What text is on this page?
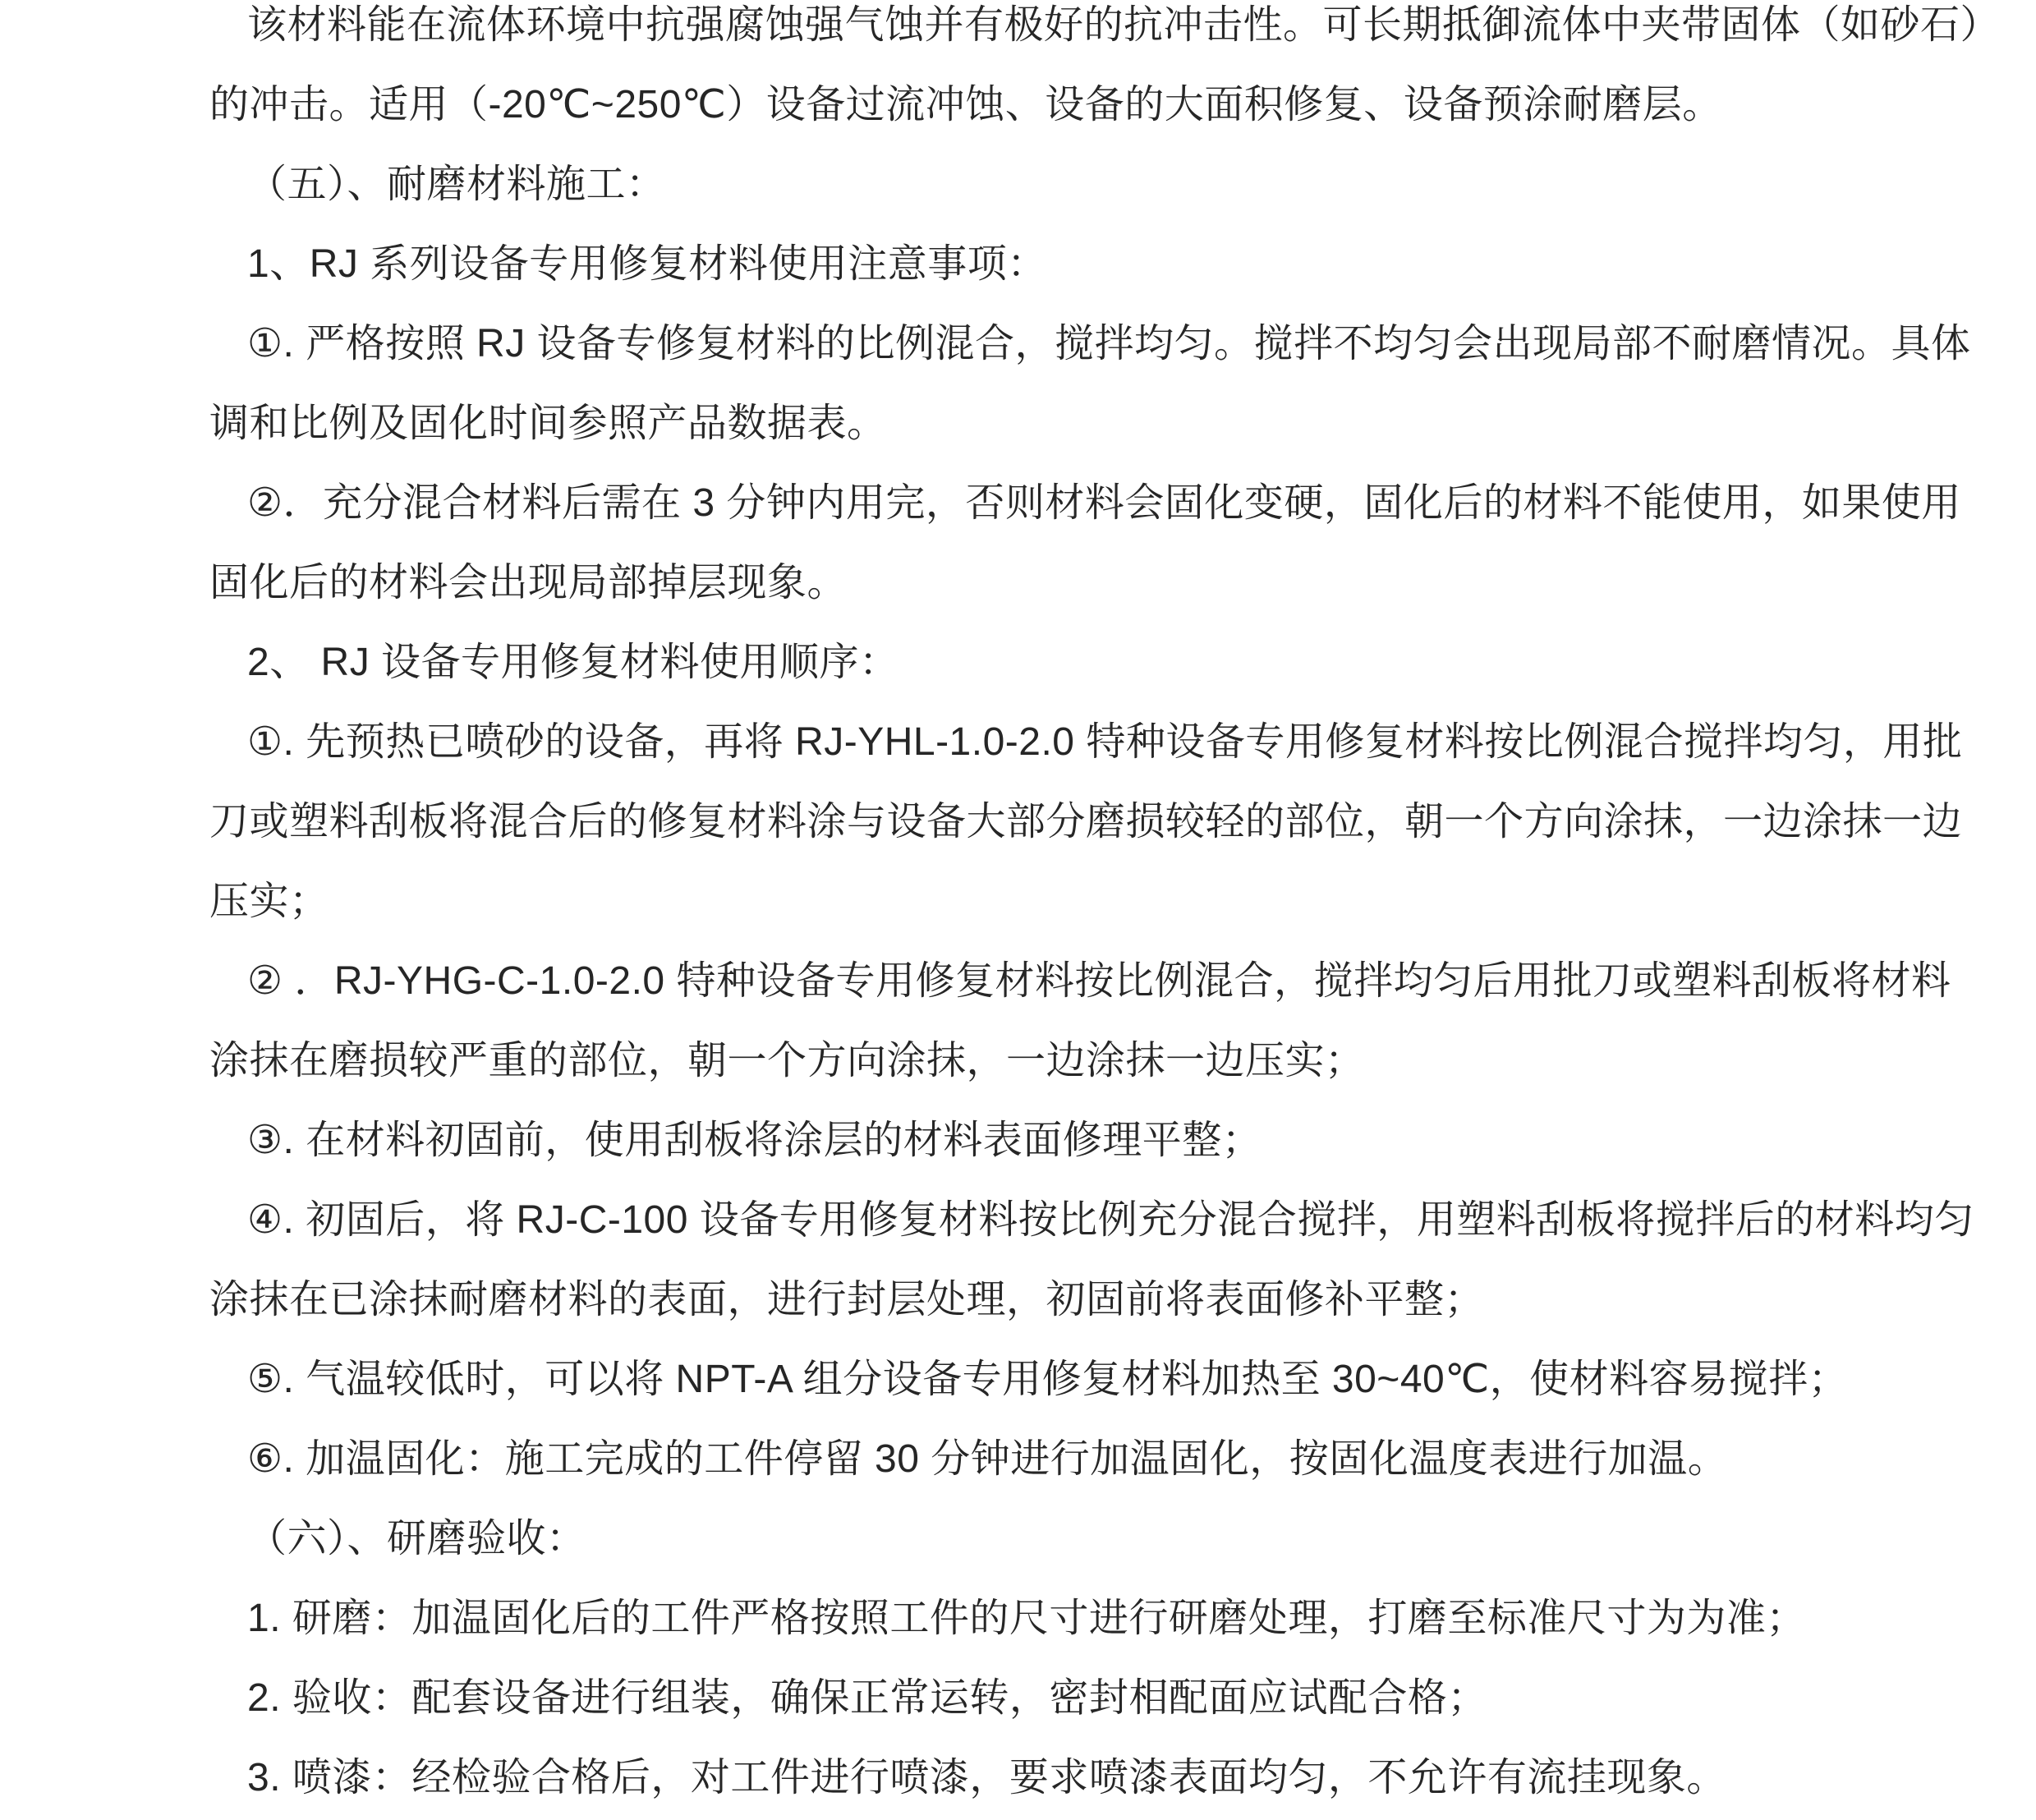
该材料能在流体环境中抗强腐蚀强气蚀并有极好的抗冲击性。可长期抵御流体中夹带固体（如砂石）
的冲击。适用（-20℃~250℃）设备过流冲蚀、设备的大面积修复、设备预涂耐磨层。
（五）、耐磨材料施工：
1、RJ 系列设备专用修复材料使用注意事项：
①. 严格按照 RJ 设备专修复材料的比例混合，搅拌均匀。搅拌不均匀会出现局部不耐磨情况。具体
调和比例及固化时间参照产品数据表。
②．充分混合材料后需在 3 分钟内用完，否则材料会固化变硬，固化后的材料不能使用，如果使用
固化后的材料会出现局部掉层现象。
2、 RJ 设备专用修复材料使用顺序：
①. 先预热已喷砂的设备，再将 RJ-YHL-1.0-2.0 特种设备专用修复材料按比例混合搅拌均匀，用批
刀或塑料刮板将混合后的修复材料涂与设备大部分磨损较轻的部位，朝一个方向涂抹，一边涂抹一边
压实；
② ．RJ-YHG-C-1.0-2.0 特种设备专用修复材料按比例混合，搅拌均匀后用批刀或塑料刮板将材料
涂抹在磨损较严重的部位，朝一个方向涂抹，一边涂抹一边压实；
③. 在材料初固前，使用刮板将涂层的材料表面修理平整；
④. 初固后，将 RJ-C-100 设备专用修复材料按比例充分混合搅拌，用塑料刮板将搅拌后的材料均匀
涂抹在已涂抹耐磨材料的表面，进行封层处理，初固前将表面修补平整；
⑤. 气温较低时，可以将 NPT-A 组分设备专用修复材料加热至 30~40℃，使材料容易搅拌；
⑥. 加温固化：施工完成的工件停留 30 分钟进行加温固化，按固化温度表进行加温。
（六）、研磨验收：
1. 研磨：加温固化后的工件严格按照工件的尺寸进行研磨处理，打磨至标准尺寸为为准；
2. 验收：配套设备进行组装，确保正常运转，密封相配面应试配合格；
3. 喷漆：经检验合格后，对工件进行喷漆，要求喷漆表面均匀，不允许有流挂现象。
